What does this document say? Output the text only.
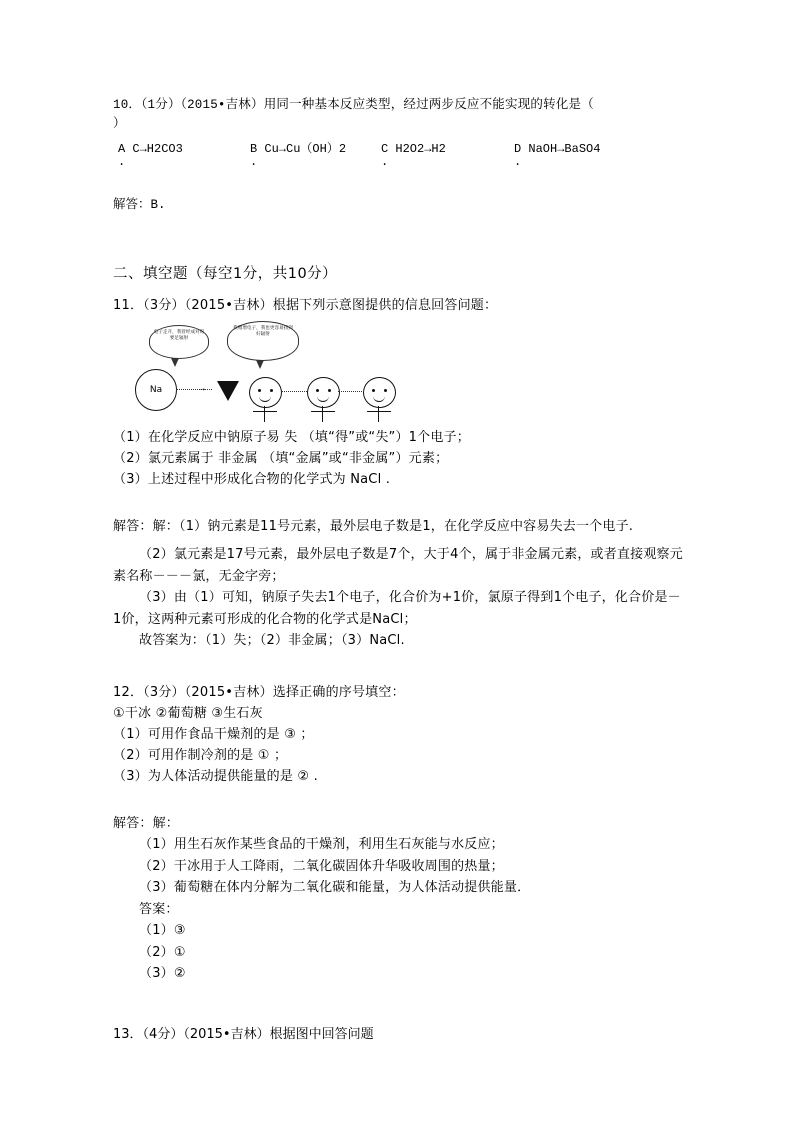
10．（1分）（2015•吉林）用同一种基本反应类型，经过两步反应不能实现的转化是（
）
A C→H2CO3
.
B Cu→Cu（OH）2
.
C H2O2→H2
.
D NaOH→BaSO4
.
解答：B.
二、填空题（每空1分，共10分）
11．（3分）（2015•吉林）根据下列示意图提供的信息回答问题：
电子走开，我曾经成对呀要足辐射
我赠增电子，我也更容易找到好辐射
Na	→
（1）在化学反应中钠原子易 失 （填“得”或“失”）1个电子；
（2）氯元素属于 非金属 （填“金属”或“非金属”）元素；
（3）上述过程中形成化合物的化学式为 NaCl .
解答：解：（1）钠元素是11号元素，最外层电子数是1，在化学反应中容易失去一个电子.
（2）氯元素是17号元素，最外层电子数是7个，大于4个，属于非金属元素，或者直接观察元素名称－－－氯，无金字旁；
（3）由（1）可知，钠原子失去1个电子，化合价为+1价，氯原子得到1个电子，化合价是－1价，这两种元素可形成的化合物的化学式是NaCl；
故答案为：（1）失；（2）非金属；（3）NaCl.
12．（3分）（2015•吉林）选择正确的序号填空：
①干冰 ②葡萄糖 ③生石灰
（1）可用作食品干燥剂的是 ③ ；
（2）可用作制冷剂的是 ① ；
（3）为人体活动提供能量的是 ② .
解答：解：
（1）用生石灰作某些食品的干燥剂，利用生石灰能与水反应；
（2）干冰用于人工降雨，二氧化碳固体升华吸收周围的热量；
（3）葡萄糖在体内分解为二氧化碳和能量，为人体活动提供能量．
答案：
（1）③
（2）①
（3）②
13．（4分）（2015•吉林）根据图中回答问题
